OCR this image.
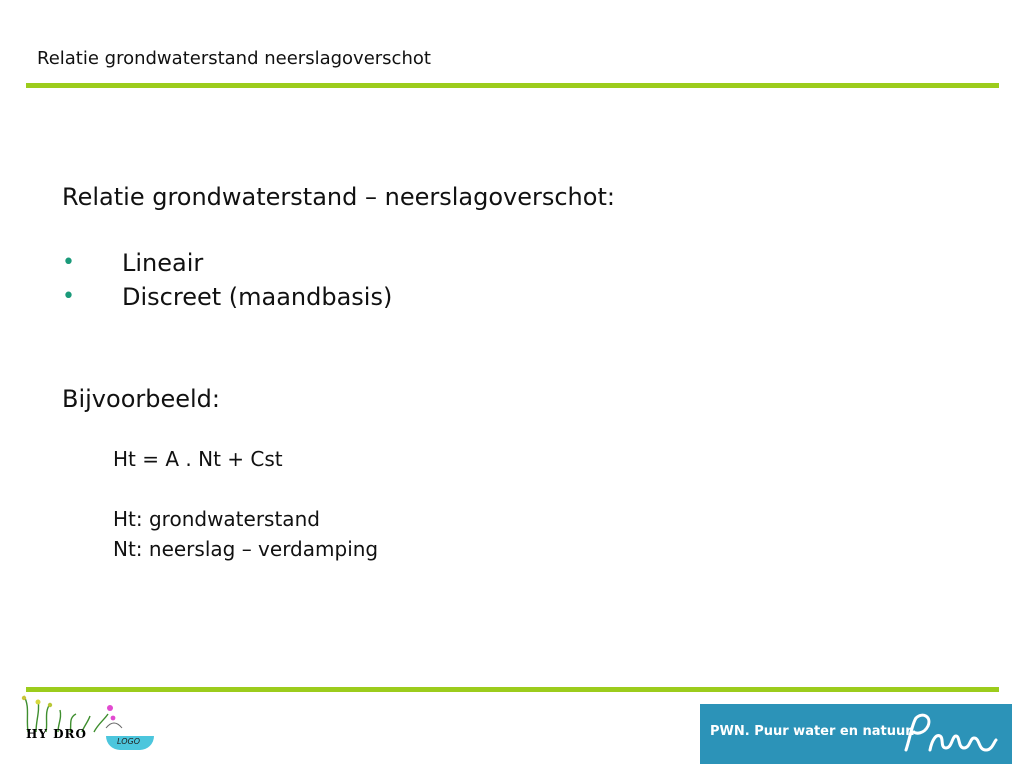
Relatie grondwaterstand neerslagoverschot

Relatie grondwaterstand – neerslagoverschot:

• Lineair
• Discreet (maandbasis)

Bijvoorbeeld:

Ht = A . Nt + Cst

Ht: grondwaterstand

Nt: neerslag – verdamping

HY DRO
LOGO
PWN. Puur water en natuur.
